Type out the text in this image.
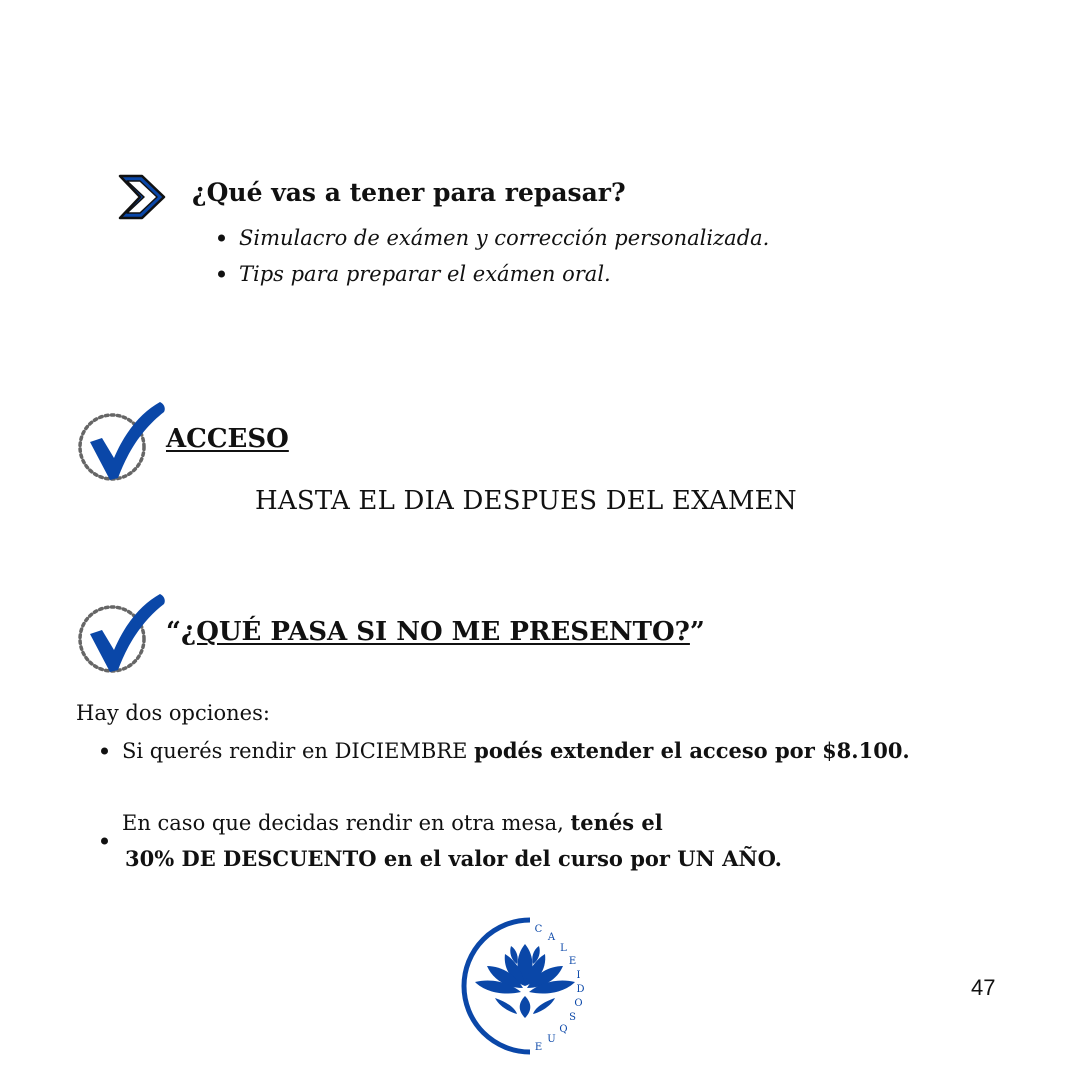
¿Qué vas a tener para repasar?
Simulacro de exámen y corrección personalizada.
Tips para preparar el exámen oral.
ACCESO
HASTA EL DIA DESPUES DEL EXAMEN
“¿QUÉ PASA SI NO ME PRESENTO?”
Hay dos opciones:
Si querés rendir en DICIEMBRE podés extender el acceso por $8.100.
En caso que decidas rendir en otra mesa, tenés el
30% DE DESCUENTO en el valor del curso por UN AÑO.
C
A
L
E
I
D
O
S
Q
U
E
47
